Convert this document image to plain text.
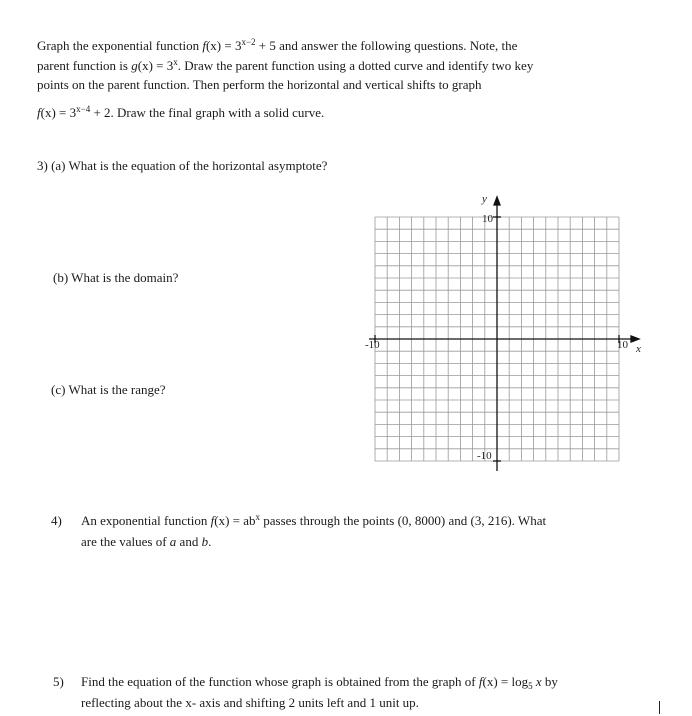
Graph the exponential function $f(x) = 3^{x-2} + 5$ and answer the following questions. Note, the
parent function is $g(x) = 3^x$. Draw the parent function using a dotted curve and identify two key
points on the parent function. Then perform the horizontal and vertical shifts to graph
$f(x) = 3^{x-4} + 2$. Draw the final graph with a solid curve.
3) (a) What is the equation of the horizontal asymptote?
(b) What is the domain?
(c) What is the range?
y
10
-10
-10	10 x
4) An exponential function $f(x) = ab^x$ passes through the points (0, 8000) and (3, 216). What
are the values of a and b.
5) Find the equation of the function whose graph is obtained from the graph of $f(x) = \log_5 x$ by
reflecting about the x- axis and shifting 2 units left and 1 unit up.
